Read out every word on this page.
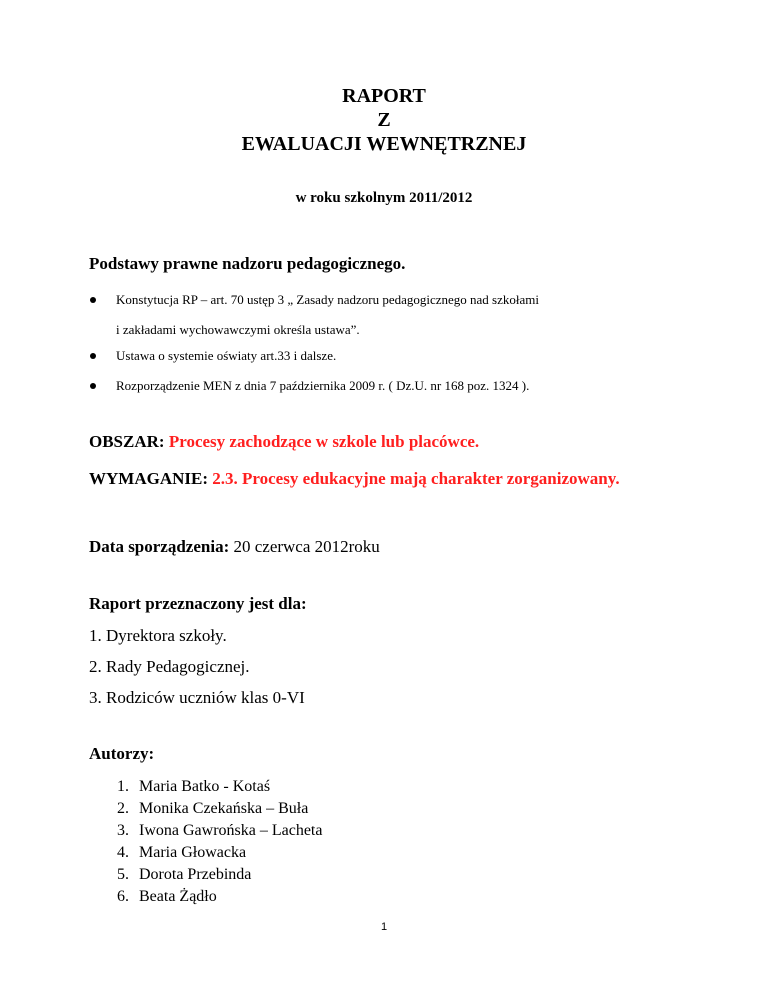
RAPORT
Z
EWALUACJI WEWNĘTRZNEJ
w roku szkolnym 2011/2012
Podstawy prawne nadzoru pedagogicznego.
Konstytucja RP – art. 70 ustęp 3 „ Zasady nadzoru pedagogicznego nad szkołami
i zakładami wychowawczymi określa ustawa”.
Ustawa o systemie oświaty art.33 i dalsze.
Rozporządzenie MEN z dnia 7 października 2009 r. ( Dz.U. nr 168 poz. 1324 ).
OBSZAR: Procesy zachodzące w szkole lub placówce.
WYMAGANIE: 2.3. Procesy edukacyjne mają charakter zorganizowany.
Data sporządzenia: 20 czerwca 2012roku
Raport przeznaczony jest dla:
1. Dyrektora szkoły.
2. Rady Pedagogicznej.
3. Rodziców uczniów klas 0-VI
Autorzy:
1. Maria Batko - Kotaś
2. Monika Czekańska – Buła
3. Iwona Gawrońska – Lacheta
4. Maria Głowacka
5. Dorota Przebinda
6. Beata Żądło
1
